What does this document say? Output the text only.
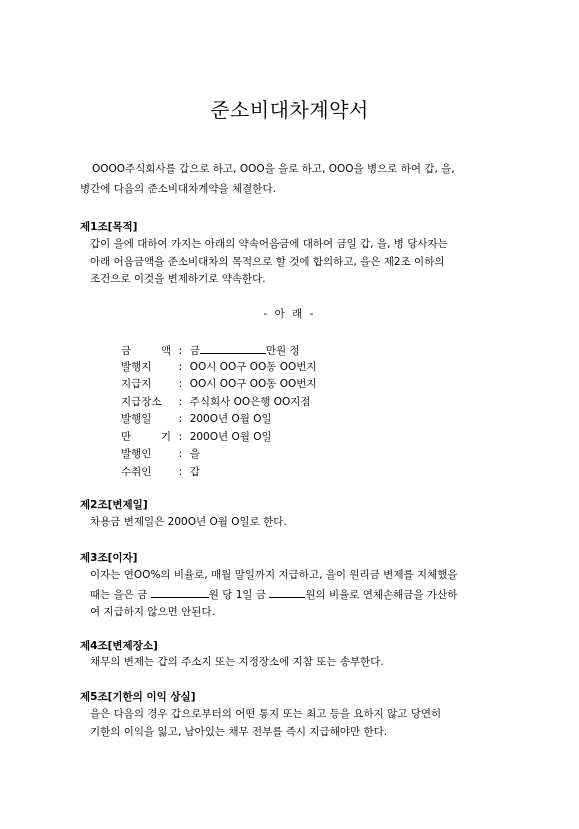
준소비대차계약서
OOOO주식회사를 갑으로 하고, OOO을 을로 하고, OOO을 병으로 하여 갑, 을,
병간에 다음의 준소비대차계약을 체결한다.
제1조[목적]
갑이 을에 대하여 가지는 아래의 약속어음금에 대하여 금일 갑, 을, 병 당사자는
아래 어음금액을 준소비대차의 목적으로 할 것에 합의하고, 을은 제2조 이하의
조건으로 이것을 변제하기로 약속한다.
- 아 래 -
금 액 : 금	만원 정
발행지	: OO시 OO구 OO동 OO번지
지급지	: OO시 OO구 OO동 OO번지
지급장소 : 주식회사 OO은행 OO지점
발행일	: 200O년 O월 O일
만 기 : 200O년 O월 O일
발행인	: 을
수취인	: 갑
제2조[변제일]
차용금 변제일은 200O년 O월 O일로 한다.
제3조[이자]
이자는 연OO%의 비율로, 매월 말일까지 지급하고, 을이 원리금 변제를 지체했을
때는 을은 금	원 당 1일 금	원의 비율로 연체손해금을 가산하
여 지급하지 않으면 안된다.
제4조[변제장소]
채무의 변제는 갑의 주소지 또는 지정장소에 지참 또는 송부한다.
제5조[기한의 이익 상실]
을은 다음의 경우 갑으로부터의 어떤 통지 또는 최고 등을 요하지 않고 당연히
기한의 이익을 잃고, 남아있는 채무 전부를 즉시 지급해야만 한다.
